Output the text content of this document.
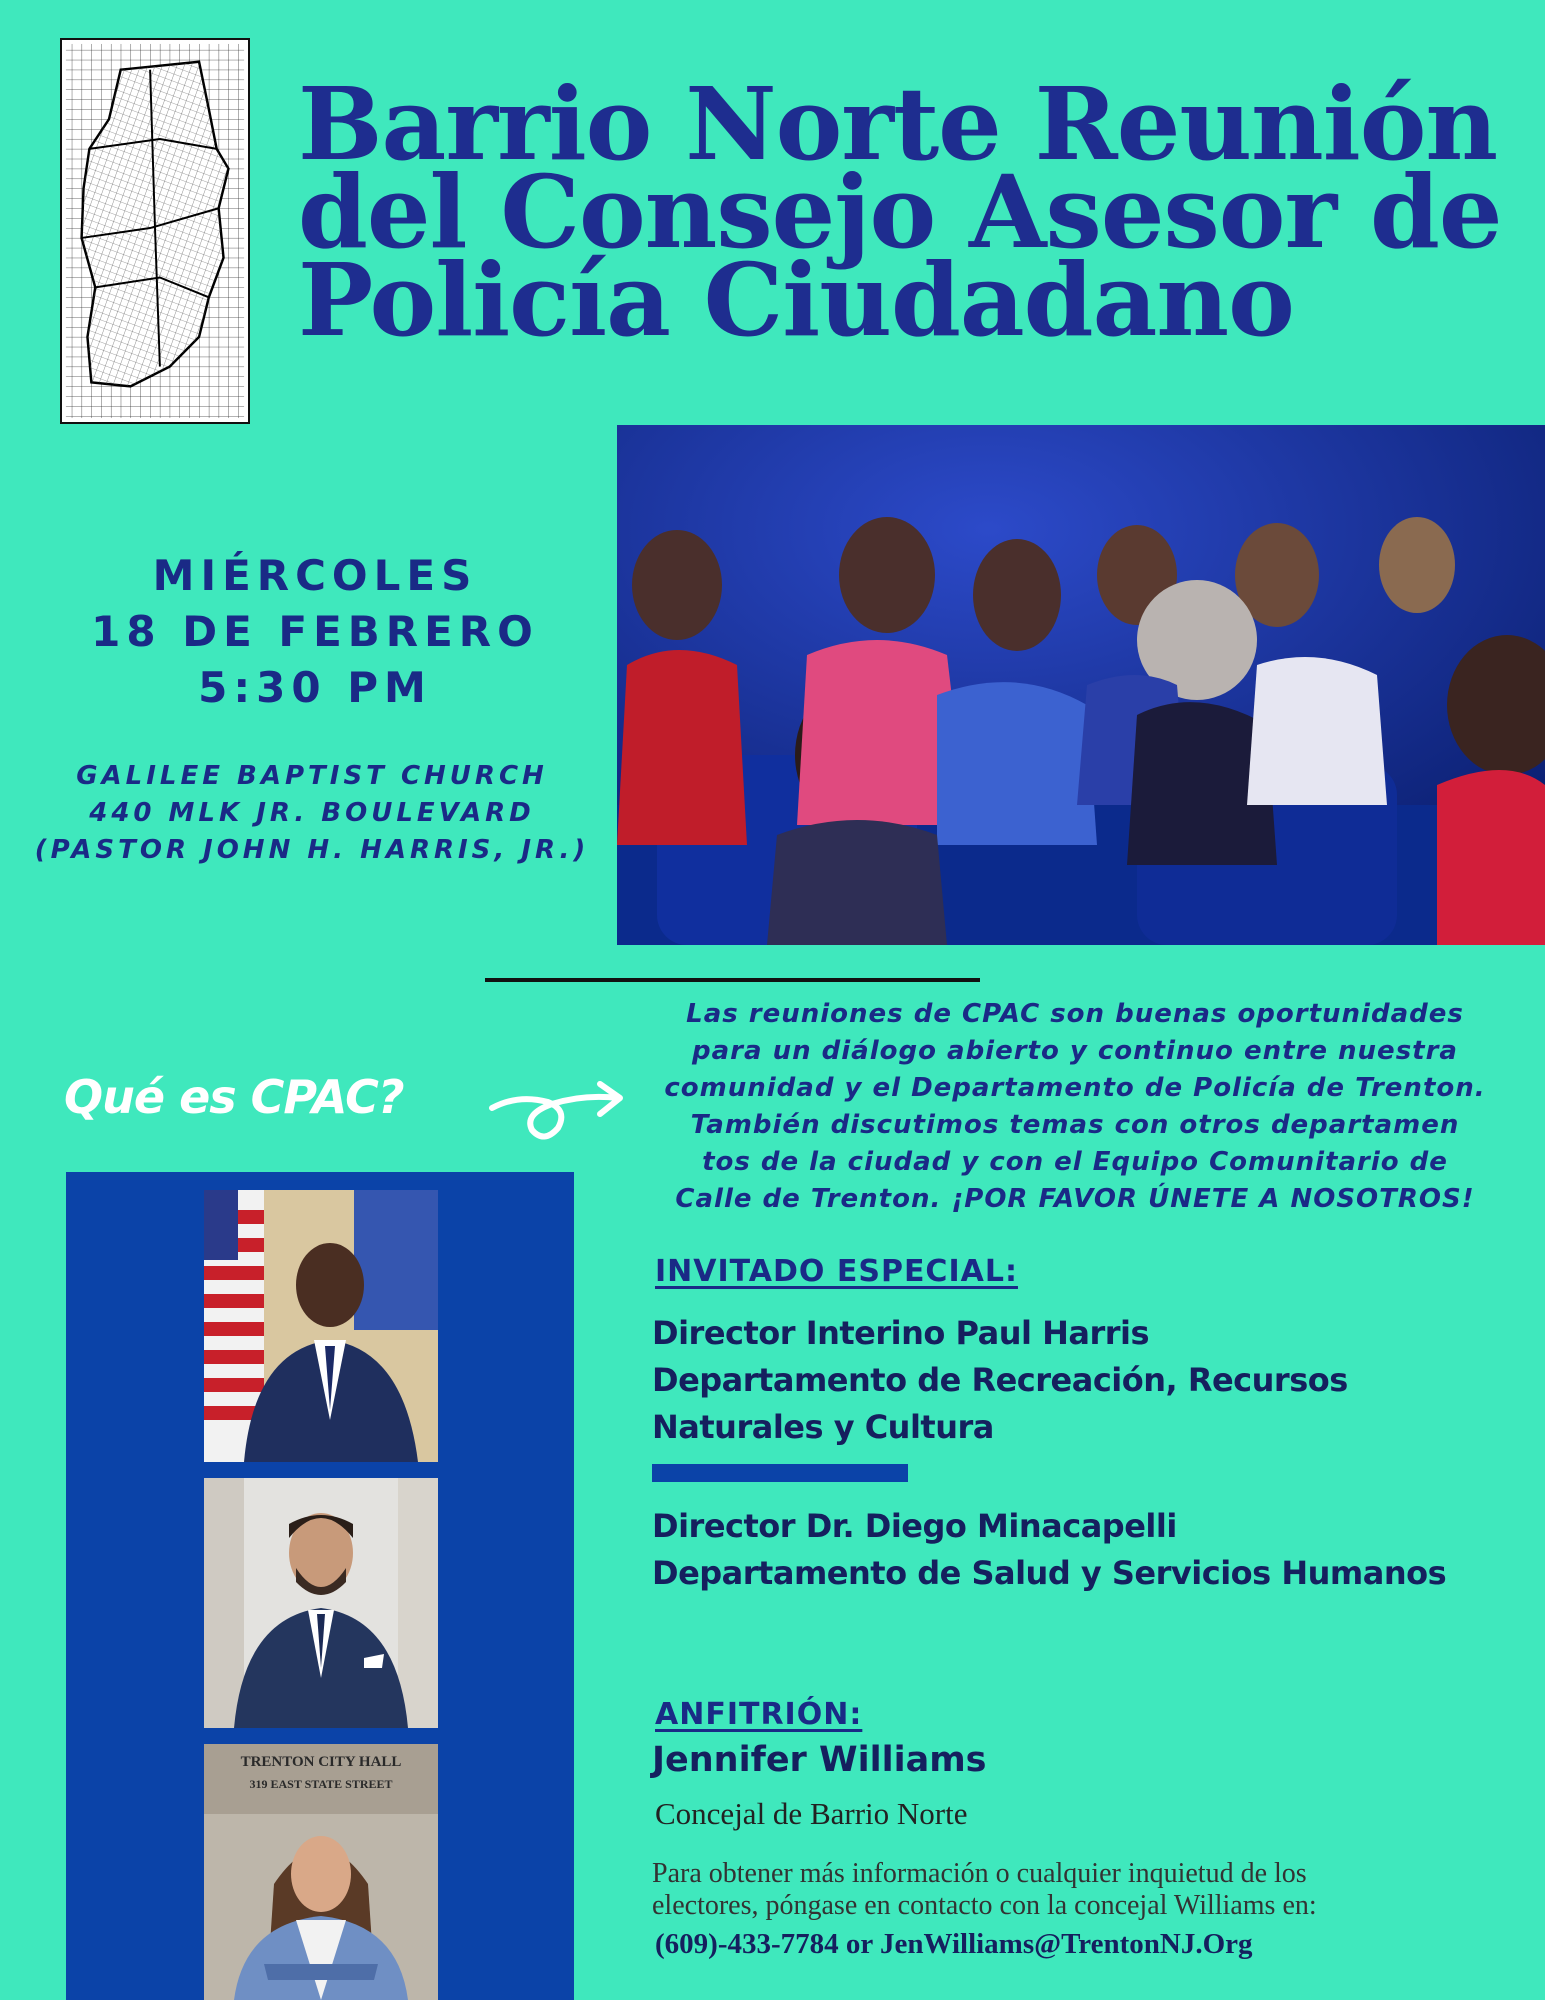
Barrio Norte Reunión
del Consejo Asesor de
Policía Ciudadano
MIÉRCOLES
18 DE FEBRERO
5:30 PM
GALILEE BAPTIST CHURCH
440 MLK JR. BOULEVARD
(PASTOR JOHN H. HARRIS, JR.)
Qué es CPAC?
Las reuniones de CPAC son buenas oportunidades
para un diálogo abierto y continuo entre nuestra
comunidad y el Departamento de Policía de Trenton.
También discutimos temas con otros departamen
tos de la ciudad y con el Equipo Comunitario de
Calle de Trenton. ¡POR FAVOR ÚNETE A NOSOTROS!
TRENTON CITY HALL
319 EAST STATE STREET
INVITADO ESPECIAL:
Director Interino Paul Harris
Departamento de Recreación, Recursos
Naturales y Cultura
Director Dr. Diego Minacapelli
Departamento de Salud y Servicios Humanos
ANFITRIÓN:
Jennifer Williams
Concejal de Barrio Norte
Para obtener más información o cualquier inquietud de los
electores, póngase en contacto con la concejal Williams en:
(609)-433-7784 or JenWilliams@TrentonNJ.Org
